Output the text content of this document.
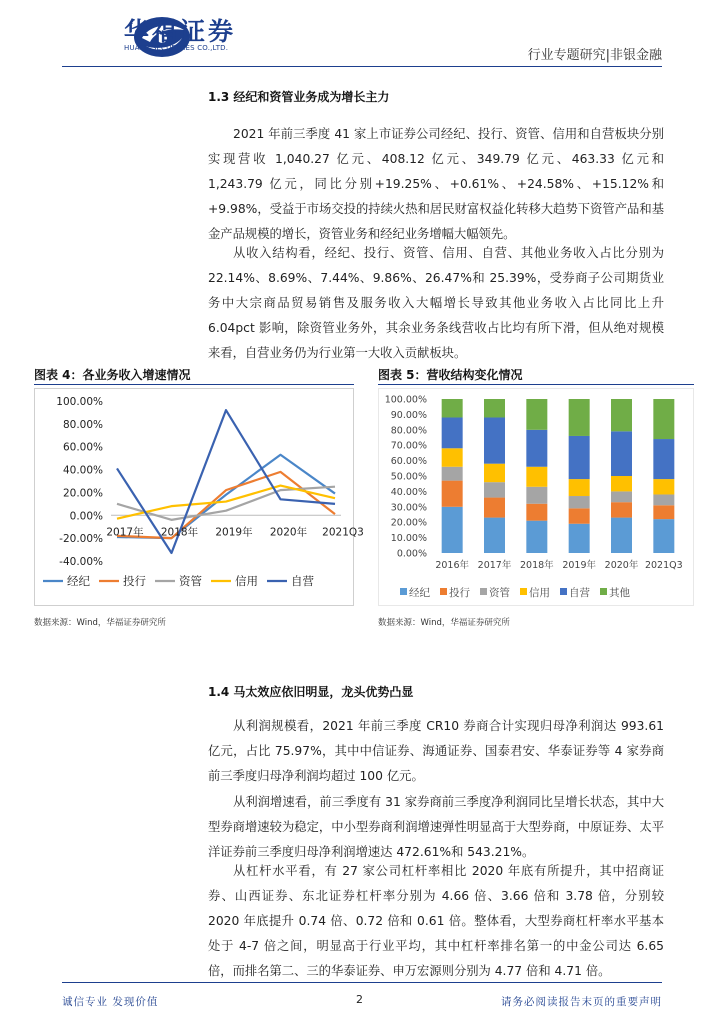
华福证券
HUAFU SECURITIES CO.,LTD.	行业专题研究|非银金融
1.3 经纪和资管业务成为增长主力
2021 年前三季度 41 家上市证券公司经纪、投行、资管、信用和自营板块分别实现营收 1,040.27 亿元、408.12 亿元、349.79 亿元、463.33 亿元和 1,243.79 亿元，同比分别+19.25%、+0.61%、+24.58%、+15.12%和+9.98%，受益于市场交投的持续火热和居民财富权益化转移大趋势下资管产品和基金产品规模的增长，资管业务和经纪业务增幅大幅领先。
从收入结构看，经纪、投行、资管、信用、自营、其他业务收入占比分别为 22.14%、8.69%、7.44%、9.86%、26.47%和 25.39%，受券商子公司期货业务中大宗商品贸易销售及服务收入大幅增长导致其他业务收入占比同比上升 6.04pct 影响，除资管业务外，其余业务条线营收占比均有所下滑，但从绝对规模来看，自营业务仍为行业第一大收入贡献板块。
图表 4：各业务收入增速情况
100.00%
80.00%
60.00%
40.00%
20.00%
0.00%
-20.00%
-40.00%
2017年 2018年 2019年 2020年 2021Q3
经纪	投行	资管	信用	自营
数据来源：Wind，华福证券研究所
图表 5：营收结构变化情况
100.00%
90.00%
80.00%
70.00%
60.00%
50.00%
40.00%
30.00%
20.00%
10.00%
0.00%
2016年 2017年 2018年 2019年 2020年 2021Q3
经纪 投行 资管 信用 自营 其他
数据来源：Wind，华福证券研究所
1.4 马太效应依旧明显，龙头优势凸显
从利润规模看，2021 年前三季度 CR10 券商合计实现归母净利润达 993.61 亿元，占比 75.97%，其中中信证券、海通证券、国泰君安、华泰证券等 4 家券商前三季度归母净利润均超过 100 亿元。
从利润增速看，前三季度有 31 家券商前三季度净利润同比呈增长状态，其中大型券商增速较为稳定，中小型券商利润增速弹性明显高于大型券商，中原证券、太平洋证券前三季度归母净利润增速达 472.61%和 543.21%。
从杠杆水平看，有 27 家公司杠杆率相比 2020 年底有所提升，其中招商证券、山西证券、东北证券杠杆率分别为 4.66 倍、3.66 倍和 3.78 倍，分别较 2020 年底提升 0.74 倍、0.72 倍和 0.61 倍。整体看，大型券商杠杆率水平基本处于 4-7 倍之间，明显高于行业平均，其中杠杆率排名第一的中金公司达 6.65 倍，而排名第二、三的华泰证券、申万宏源则分别为 4.77 倍和 4.71 倍。
诚信专业 发现价值	2	请务必阅读报告末页的重要声明
